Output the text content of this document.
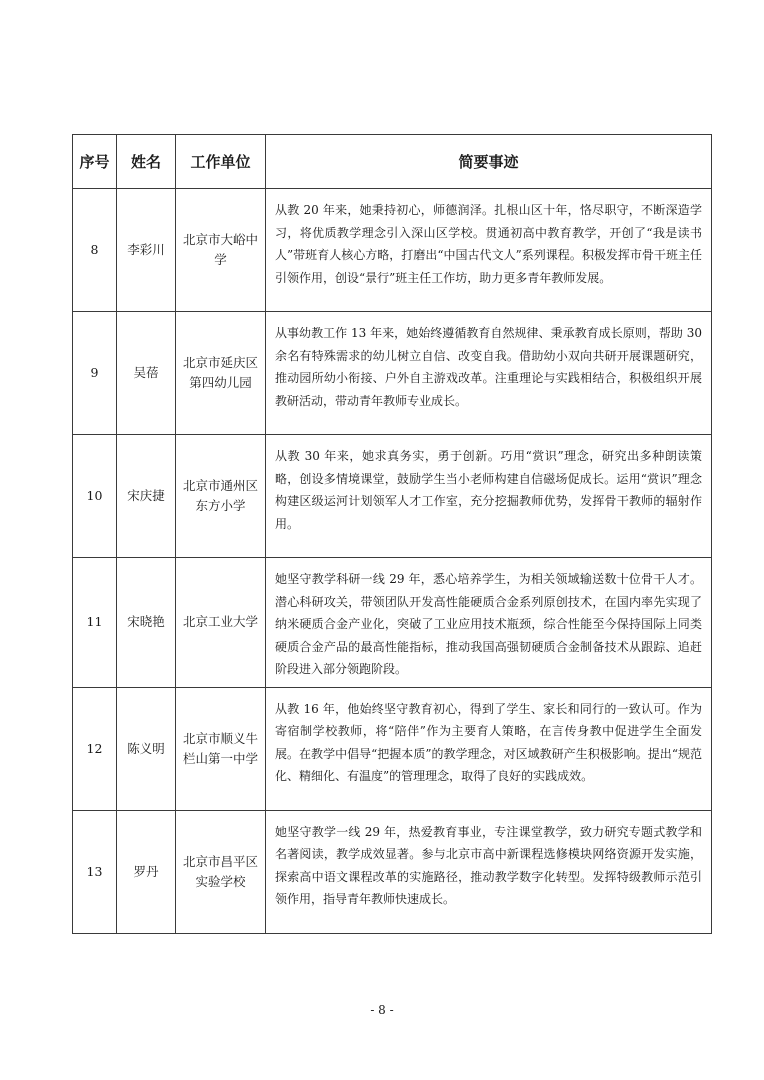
序号	姓名	工作单位	简要事迹
8	李彩川	北京市大峪中学	从教 20 年来，她秉持初心，师德润泽。扎根山区十年，恪尽职守，不断深造学习，将优质教学理念引入深山区学校。贯通初高中教育教学，开创了“我是读书人”带班育人核心方略，打磨出“中国古代文人”系列课程。积极发挥市骨干班主任引领作用，创设“景行”班主任工作坊，助力更多青年教师发展。

9	吴蓓	北京市延庆区第四幼儿园	从事幼教工作 13 年来，她始终遵循教育自然规律、秉承教育成长原则，帮助 30 余名有特殊需求的幼儿树立自信、改变自我。借助幼小双向共研开展课题研究，推动园所幼小衔接、户外自主游戏改革。注重理论与实践相结合，积极组织开展教研活动，带动青年教师专业成长。

10	宋庆捷	北京市通州区东方小学	从教 30 年来，她求真务实，勇于创新。巧用“赏识”理念，研究出多种朗读策略，创设多情境课堂，鼓励学生当小老师构建自信磁场促成长。运用“赏识”理念构建区级运河计划领军人才工作室，充分挖掘教师优势，发挥骨干教师的辐射作用。

11	宋晓艳	北京工业大学	她坚守教学科研一线 29 年，悉心培养学生，为相关领域输送数十位骨干人才。潜心科研攻关，带领团队开发高性能硬质合金系列原创技术，在国内率先实现了纳米硬质合金产业化，突破了工业应用技术瓶颈，综合性能至今保持国际上同类硬质合金产品的最高性能指标，推动我国高强韧硬质合金制备技术从跟踪、追赶阶段进入部分领跑阶段。

12	陈义明	北京市顺义牛栏山第一中学	从教 16 年，他始终坚守教育初心，得到了学生、家长和同行的一致认可。作为寄宿制学校教师，将“陪伴”作为主要育人策略，在言传身教中促进学生全面发展。在教学中倡导“把握本质”的教学理念，对区域教研产生积极影响。提出“规范化、精细化、有温度”的管理理念，取得了良好的实践成效。

13	罗丹	北京市昌平区实验学校	她坚守教学一线 29 年，热爱教育事业，专注课堂教学，致力研究专题式教学和名著阅读，教学成效显著。参与北京市高中新课程选修模块网络资源开发实施，探索高中语文课程改革的实施路径，推动教学数字化转型。发挥特级教师示范引领作用，指导青年教师快速成长。
- 8 -
